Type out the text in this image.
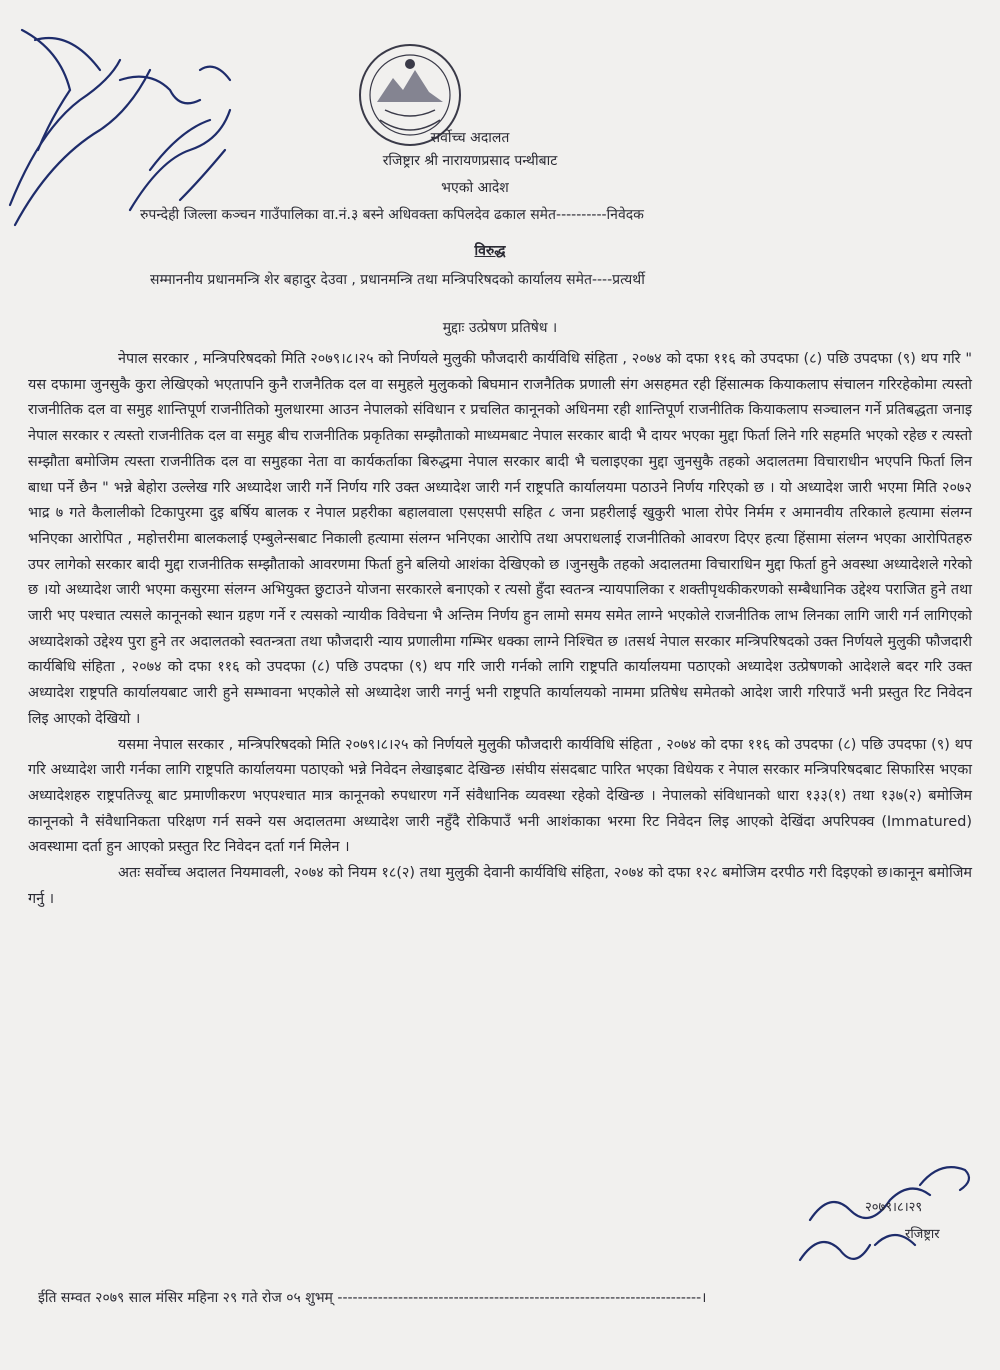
सर्वोच्च अदालत
रजिष्ट्रार श्री नारायणप्रसाद पन्थीबाट
भएको आदेश
रुपन्देही जिल्ला कञ्चन गाउँपालिका वा.नं.३ बस्ने अधिवक्ता कपिलदेव ढकाल समेत----------निवेदक
विरुद्ध
सम्माननीय प्रधानमन्त्रि शेर बहादुर देउवा , प्रधानमन्त्रि तथा मन्त्रिपरिषदको कार्यालय समेत----प्रत्यर्थी
मुद्दाः उत्प्रेषण प्रतिषेध ।

नेपाल सरकार , मन्त्रिपरिषदको मिति २०७९।८।२५ को निर्णयले मुलुकी फौजदारी कार्यविधि संहिता , २०७४ को दफा ११६ को उपदफा (८) पछि उपदफा (९) थप गरि " यस दफामा जुनसुकै कुरा लेखिएको भएतापनि कुनै राजनैतिक दल वा समुहले मुलुकको बिघमान राजनैतिक प्रणाली संग असहमत रही हिंसात्मक कियाकलाप संचालन गरिरहेकोमा त्यस्तो राजनीतिक दल वा समुह शान्तिपूर्ण राजनीतिको मुलधारमा आउन नेपालको संविधान र प्रचलित कानूनको अधिनमा रही शान्तिपूर्ण राजनीतिक कियाकलाप सञ्चालन गर्ने प्रतिबद्धता जनाइ नेपाल सरकार र त्यस्तो राजनीतिक दल वा समुह बीच राजनीतिक प्रकृतिका सम्झौताको माध्यमबाट नेपाल सरकार बादी भै दायर भएका मुद्दा फिर्ता लिने गरि सहमति भएको रहेछ र त्यस्तो सम्झौता बमोजिम त्यस्ता राजनीतिक दल वा समुहका नेता वा कार्यकर्ताका बिरुद्धमा नेपाल सरकार बादी भै चलाइएका मुद्दा जुनसुकै तहको अदालतमा विचाराधीन भएपनि फिर्ता लिन बाधा पर्ने छैन " भन्ने बेहोरा उल्लेख गरि अध्यादेश जारी गर्ने निर्णय गरि उक्त अध्यादेश जारी गर्न राष्ट्रपति कार्यालयमा पठाउने निर्णय गरिएको छ । यो अध्यादेश जारी भएमा मिति २०७२ भाद्र ७ गते कैलालीको टिकापुरमा दुइ बर्षिय बालक र नेपाल प्रहरीका बहालवाला एसएसपी सहित ८ जना प्रहरीलाई खुकुरी भाला रोपेर निर्मम र अमानवीय तरिकाले हत्यामा संलग्न भनिएका आरोपित , महोत्तरीमा बालकलाई एम्बुलेन्सबाट निकाली हत्यामा संलग्न भनिएका आरोपि तथा अपराधलाई राजनीतिको आवरण दिएर हत्या हिंसामा संलग्न भएका आरोपितहरु उपर लागेको सरकार बादी मुद्दा राजनीतिक सम्झौताको आवरणमा फिर्ता हुने बलियो आशंका देखिएको छ ।जुनसुकै तहको अदालतमा विचाराधिन मुद्दा फिर्ता हुने अवस्था अध्यादेशले गरेको छ ।यो अध्यादेश जारी भएमा कसुरमा संलग्न अभियुक्त छुटाउने योजना सरकारले बनाएको र त्यसो हुँदा स्वतन्त्र न्यायपालिका र शक्तीपृथकीकरणको सम्बैधानिक उद्देश्य पराजित हुने तथा जारी भए पश्चात त्यसले कानूनको स्थान ग्रहण गर्ने र त्यसको न्यायीक विवेचना भै अन्तिम निर्णय हुन लामो समय समेत लाग्ने भएकोले राजनीतिक लाभ लिनका लागि जारी गर्न लागिएको अध्यादेशको उद्देश्य पुरा हुने तर अदालतको स्वतन्त्रता तथा फौजदारी न्याय प्रणालीमा गम्भिर धक्का लाग्ने निश्चित छ ।तसर्थ नेपाल सरकार मन्त्रिपरिषदको उक्त निर्णयले मुलुकी फौजदारी कार्यबिधि संहिता , २०७४ को दफा ११६ को उपदफा (८) पछि उपदफा (९) थप गरि जारी गर्नको लागि राष्ट्रपति कार्यालयमा पठाएको अध्यादेश उत्प्रेषणको आदेशले बदर गरि उक्त अध्यादेश राष्ट्रपति कार्यालयबाट जारी हुने सम्भावना भएकोले सो अध्यादेश जारी नगर्नु भनी राष्ट्रपति कार्यालयको नाममा प्रतिषेध समेतको आदेश जारी गरिपाउँ भनी प्रस्तुत रिट निवेदन लिइ आएको देखियो ।

यसमा नेपाल सरकार , मन्त्रिपरिषदको मिति २०७९।८।२५ को निर्णयले मुलुकी फौजदारी कार्यविधि संहिता , २०७४ को दफा ११६ को उपदफा (८) पछि उपदफा (९) थप गरि अध्यादेश जारी गर्नका लागि राष्ट्रपति कार्यालयमा पठाएको भन्ने निवेदन लेखाइबाट देखिन्छ ।संघीय संसदबाट पारित भएका विधेयक र नेपाल सरकार मन्त्रिपरिषदबाट सिफारिस भएका अध्यादेशहरु राष्ट्रपतिज्यू बाट प्रमाणीकरण भएपश्चात मात्र कानूनको रुपधारण गर्ने संवैधानिक व्यवस्था रहेको देखिन्छ । नेपालको संविधानको धारा १३३(१) तथा १३७(२) बमोजिम कानूनको नै संवैधानिकता परिक्षण गर्न सक्ने यस अदालतमा अध्यादेश जारी नहुँदै रोकिपाउँ भनी आशंकाका भरमा रिट निवेदन लिइ आएको देखिंदा अपरिपक्व (Immatured) अवस्थामा दर्ता हुन आएको प्रस्तुत रिट निवेदन दर्ता गर्न मिलेन ।

अतः सर्वोच्च अदालत नियमावली, २०७४ को नियम १८(२) तथा मुलुकी देवानी कार्यविधि संहिता, २०७४ को दफा १२८ बमोजिम दरपीठ गरी दिइएको छ।कानून बमोजिम गर्नु ।

२०७९।८।२९
रजिष्ट्रार
ईति सम्वत २०७९ साल मंसिर महिना २९ गते रोज ०५ शुभम् ------------------------------------------------------------------------।
